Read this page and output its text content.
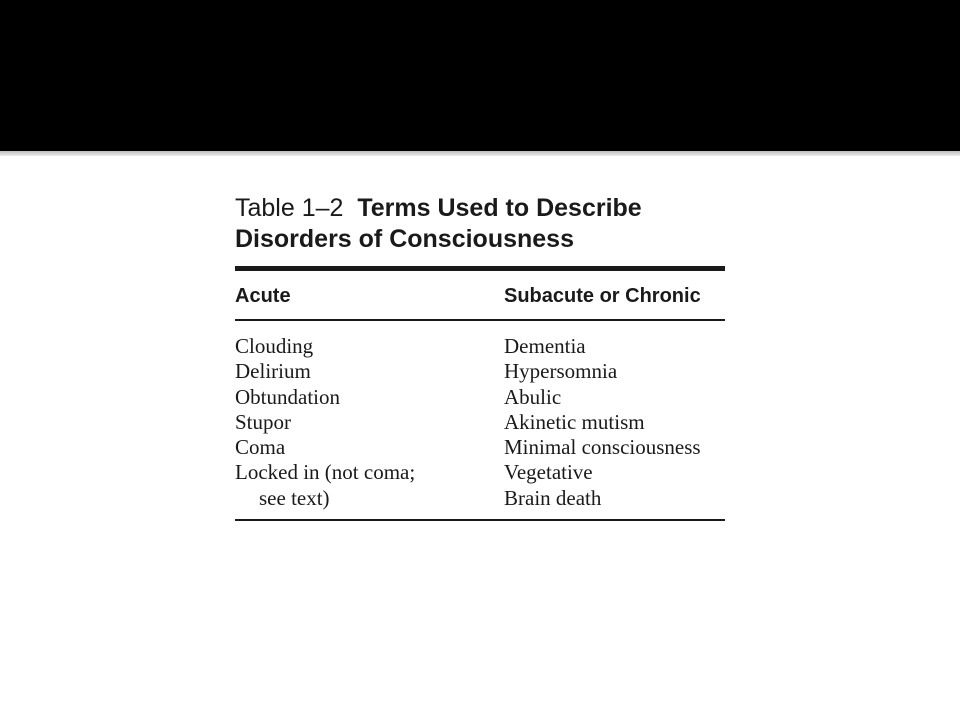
Table 1–2 Terms Used to Describe
Disorders of Consciousness

Acute	Subacute or Chronic
Clouding
Delirium
Obtundation
Stupor
Coma
Locked in (not coma;
see text)
Dementia
Hypersomnia
Abulic
Akinetic mutism
Minimal consciousness
Vegetative
Brain death
